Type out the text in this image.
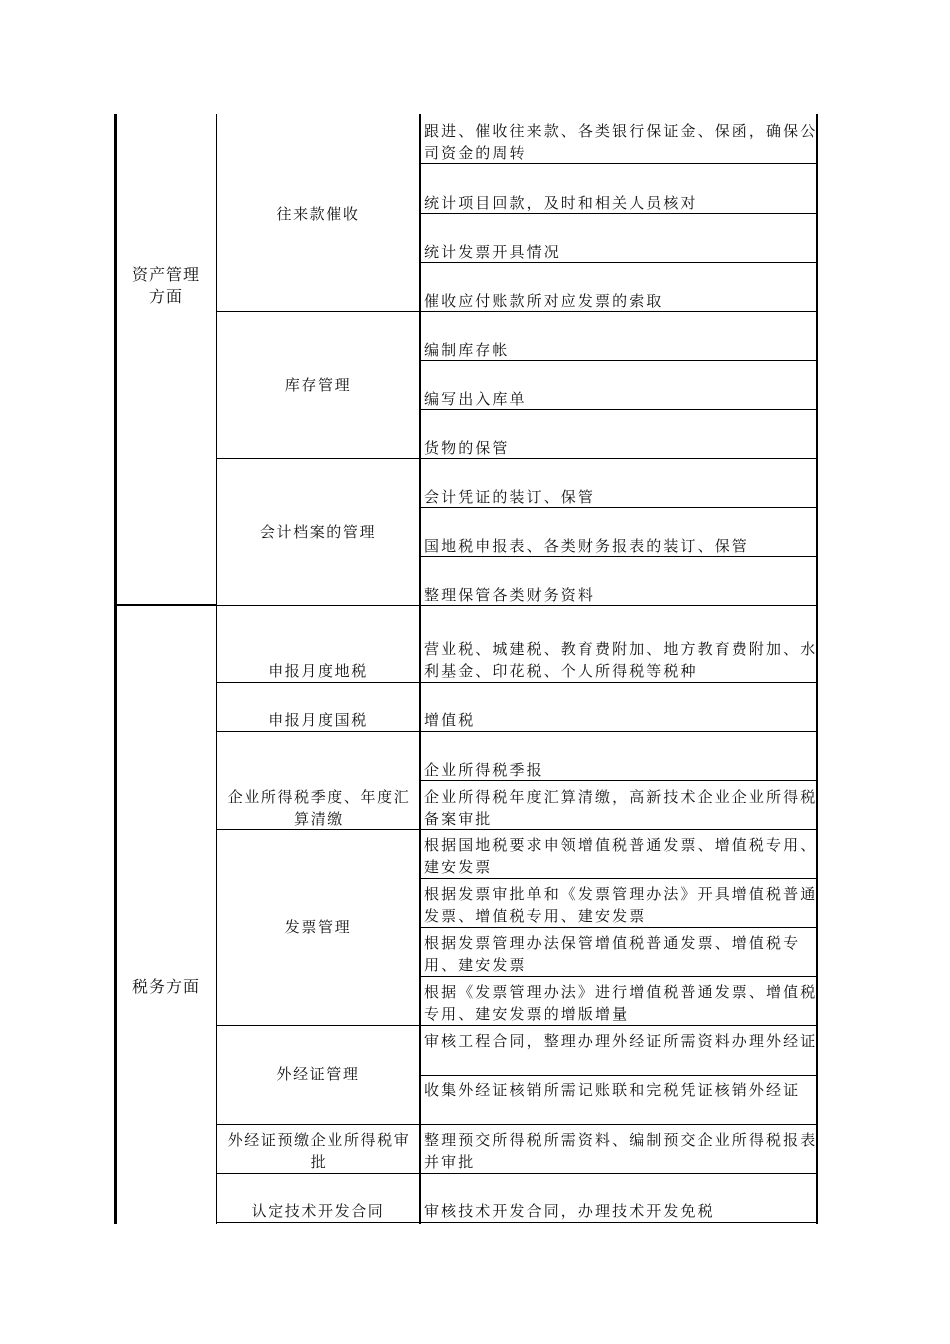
资产管理
方面
税务方面
往来款催收
库存管理
会计档案的管理
申报月度地税
申报月度国税
企业所得税季度、年度汇算清缴
发票管理
外经证管理
外经证预缴企业所得税审批
认定技术开发合同
跟进、催收往来款、各类银行保证金、保函，确保公司资金的周转
统计项目回款，及时和相关人员核对
统计发票开具情况
催收应付账款所对应发票的索取
编制库存帐
编写出入库单
货物的保管
会计凭证的装订、保管
国地税申报表、各类财务报表的装订、保管
整理保管各类财务资料
营业税、城建税、教育费附加、地方教育费附加、水利基金、印花税、个人所得税等税种
增值税
企业所得税季报
企业所得税年度汇算清缴，高新技术企业企业所得税备案审批
根据国地税要求申领增值税普通发票、增值税专用、建安发票
根据发票审批单和《发票管理办法》开具增值税普通发票、增值税专用、建安发票
根据发票管理办法保管增值税普通发票、增值税专用、建安发票
根据《发票管理办法》进行增值税普通发票、增值税专用、建安发票的增版增量
审核工程合同，整理办理外经证所需资料办理外经证
收集外经证核销所需记账联和完税凭证核销外经证
整理预交所得税所需资料、编制预交企业所得税报表并审批
审核技术开发合同，办理技术开发免税
